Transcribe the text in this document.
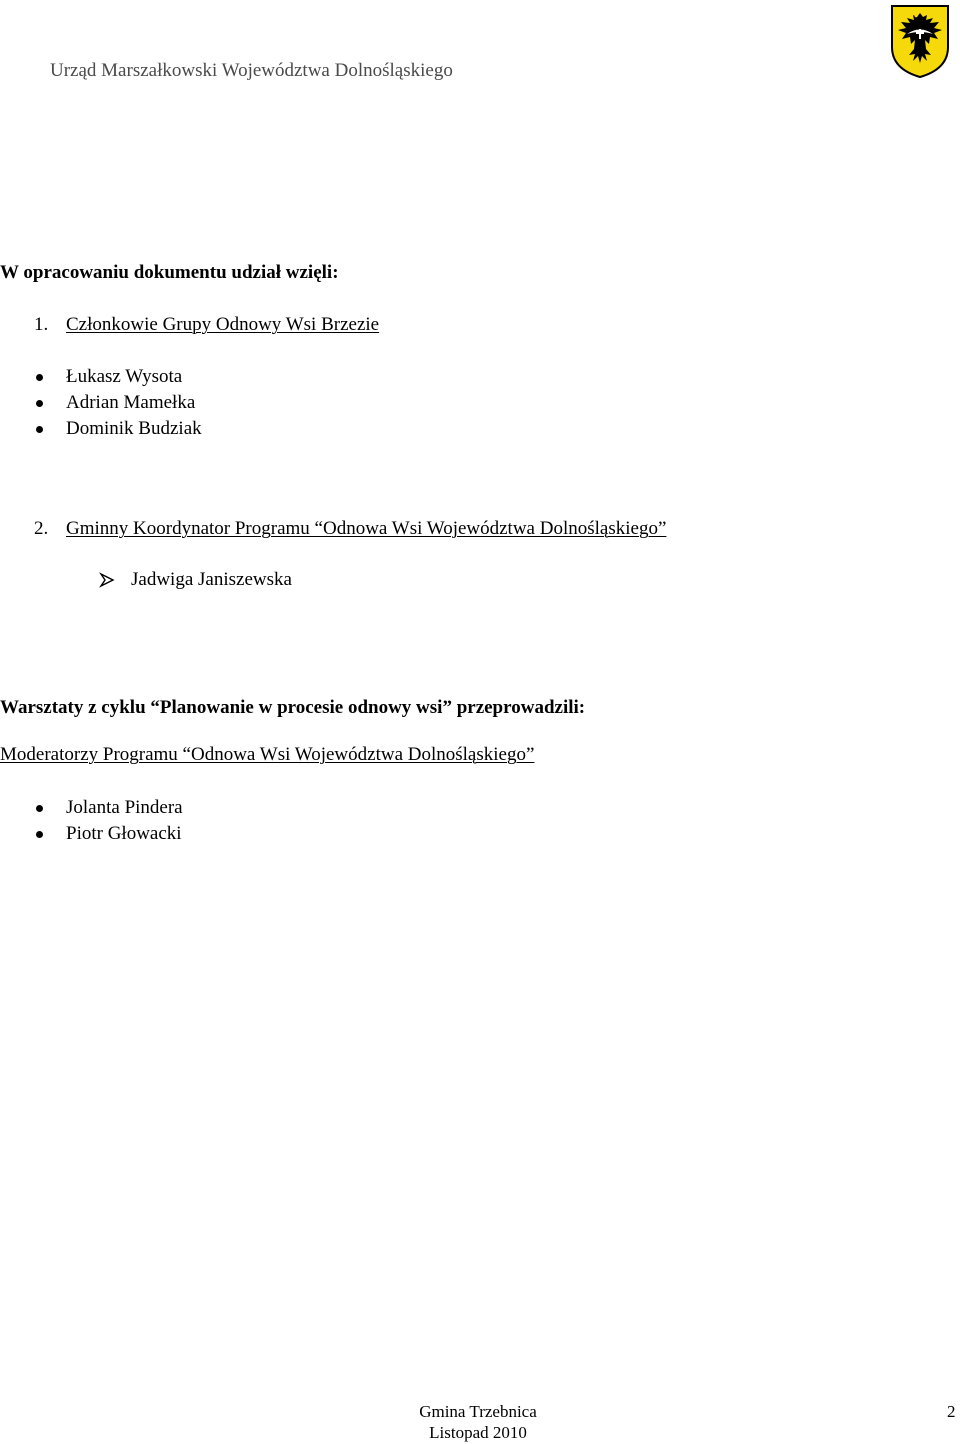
Urząd Marszałkowski Województwa Dolnośląskiego
W opracowaniu dokumentu udział wzięli:
1. Członkowie Grupy Odnowy Wsi Brzezie
Łukasz Wysota
Adrian Mamełka
Dominik Budziak
2. Gminny Koordynator Programu “Odnowa Wsi Województwa Dolnośląskiego”
Jadwiga Janiszewska
Warsztaty z cyklu “Planowanie w procesie odnowy wsi” przeprowadzili:
Moderatorzy Programu “Odnowa Wsi Województwa Dolnośląskiego”
Jolanta Pindera
Piotr Głowacki
Gmina Trzebnica
Listopad 2010
2
